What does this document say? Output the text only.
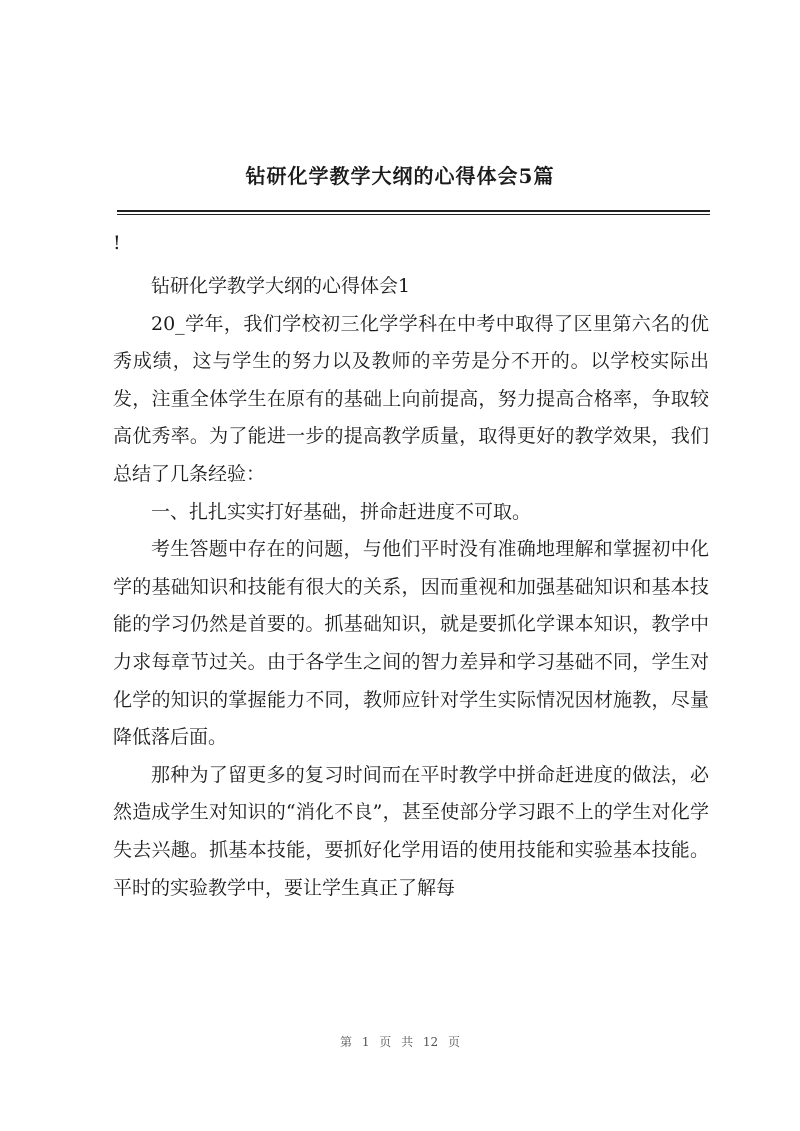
钻研化学教学大纲的心得体会5篇
!

钻研化学教学大纲的心得体会1

20_学年，我们学校初三化学学科在中考中取得了区里第六名的优秀成绩，这与学生的努力以及教师的辛劳是分不开的。以学校实际出发，注重全体学生在原有的基础上向前提高，努力提高合格率，争取较高优秀率。为了能进一步的提高教学质量，取得更好的教学效果，我们总结了几条经验：

一、扎扎实实打好基础，拼命赶进度不可取。

考生答题中存在的问题，与他们平时没有准确地理解和掌握初中化学的基础知识和技能有很大的关系，因而重视和加强基础知识和基本技能的学习仍然是首要的。抓基础知识，就是要抓化学课本知识，教学中力求每章节过关。由于各学生之间的智力差异和学习基础不同，学生对化学的知识的掌握能力不同，教师应针对学生实际情况因材施教，尽量降低落后面。

那种为了留更多的复习时间而在平时教学中拼命赶进度的做法，必然造成学生对知识的“消化不良”，甚至使部分学习跟不上的学生对化学失去兴趣。抓基本技能，要抓好化学用语的使用技能和实验基本技能。平时的实验教学中，要让学生真正了解每

第 1 页 共 12 页
